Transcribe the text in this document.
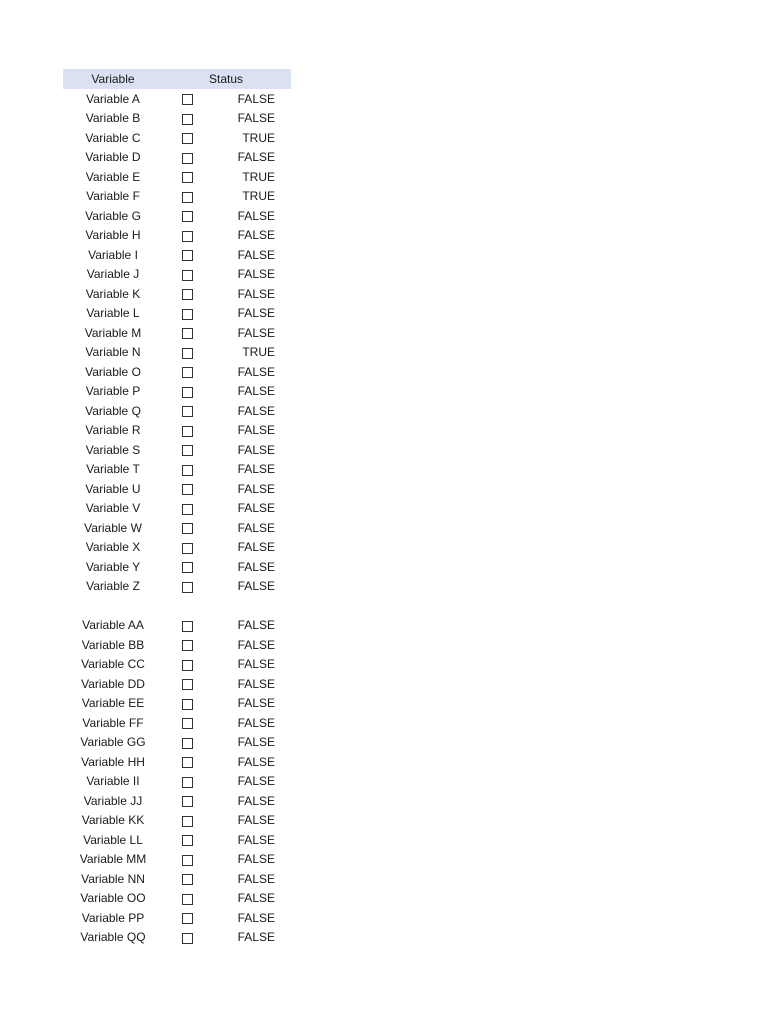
Variable	Status
Variable A	FALSE
Variable B	FALSE
Variable C	TRUE
Variable D	FALSE
Variable E	TRUE
Variable F	TRUE
Variable G	FALSE
Variable H	FALSE
Variable I	FALSE
Variable J	FALSE
Variable K	FALSE
Variable L	FALSE
Variable M	FALSE
Variable N	TRUE
Variable O	FALSE
Variable P	FALSE
Variable Q	FALSE
Variable R	FALSE
Variable S	FALSE
Variable T	FALSE
Variable U	FALSE
Variable V	FALSE
Variable W	FALSE
Variable X	FALSE
Variable Y	FALSE
Variable Z	FALSE
Variable AA	FALSE
Variable BB	FALSE
Variable CC	FALSE
Variable DD	FALSE
Variable EE	FALSE
Variable FF	FALSE
Variable GG	FALSE
Variable HH	FALSE
Variable II	FALSE
Variable JJ	FALSE
Variable KK	FALSE
Variable LL	FALSE
Variable MM	FALSE
Variable NN	FALSE
Variable OO	FALSE
Variable PP	FALSE
Variable QQ	FALSE
